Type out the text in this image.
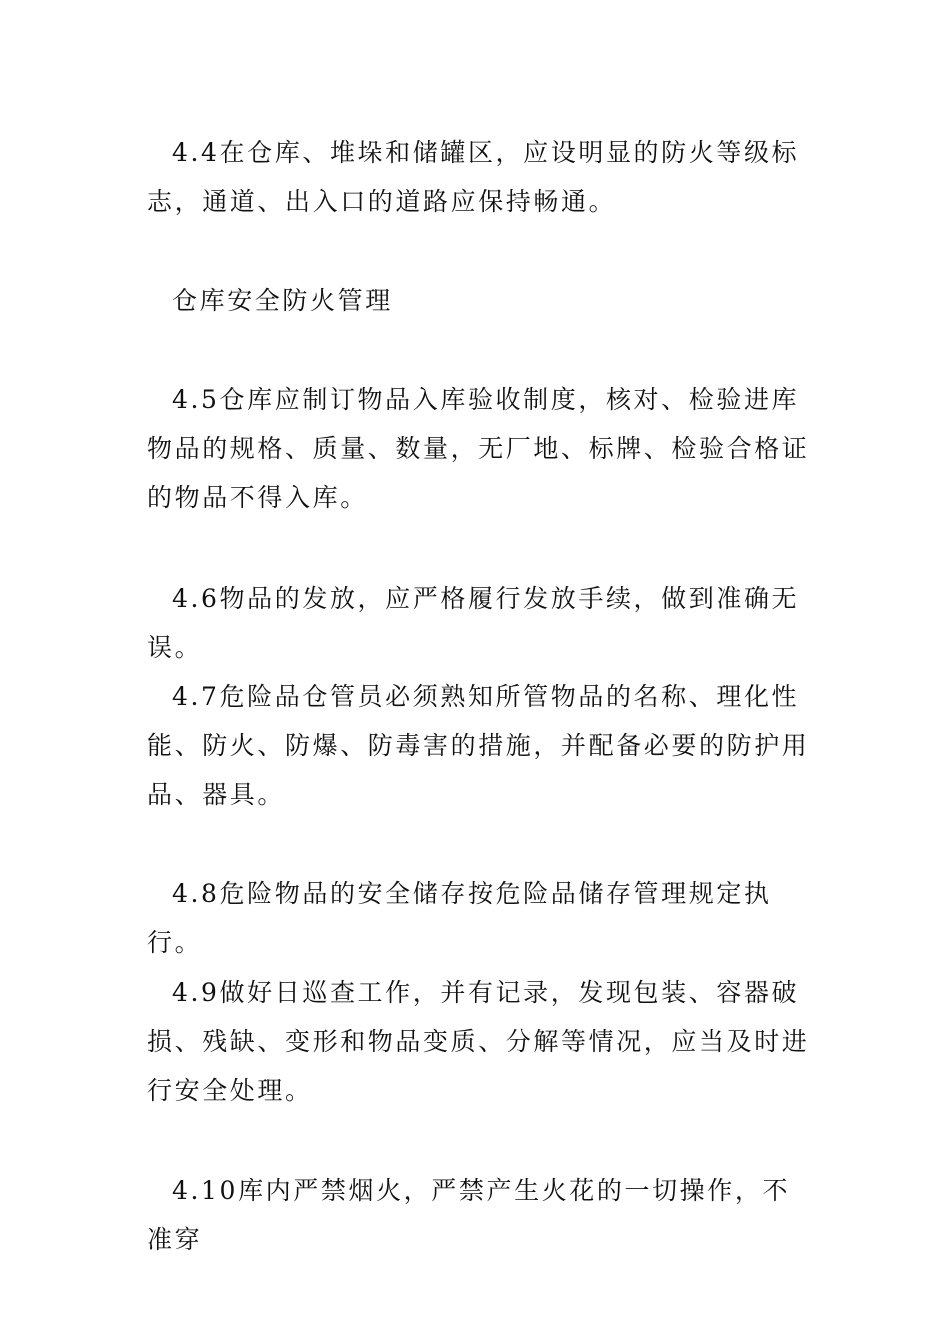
4.4在仓库、堆垛和储罐区，应设明显的防火等级标志，通道、出入口的道路应保持畅通。

仓库安全防火管理

4.5仓库应制订物品入库验收制度，核对、检验进库物品的规格、质量、数量，无厂地、标牌、检验合格证的物品不得入库。

4.6物品的发放，应严格履行发放手续，做到准确无误。

4.7危险品仓管员必须熟知所管物品的名称、理化性能、防火、防爆、防毒害的措施，并配备必要的防护用品、器具。

4.8危险物品的安全储存按危险品储存管理规定执行。

4.9做好日巡查工作，并有记录，发现包装、容器破损、残缺、变形和物品变质、分解等情况，应当及时进行安全处理。

4.10库内严禁烟火，严禁产生火花的一切操作，不准穿
